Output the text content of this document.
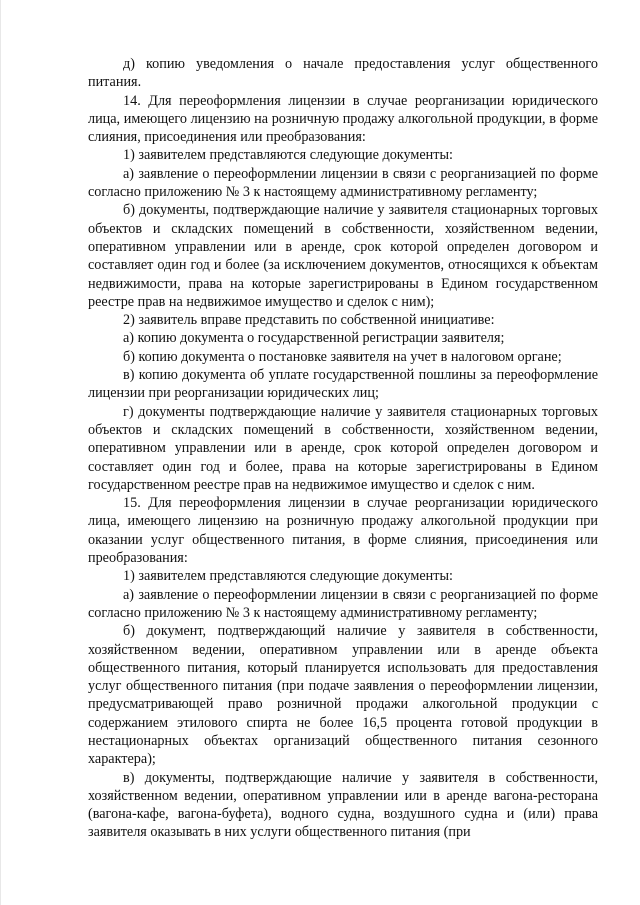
д) копию уведомления о начале предоставления услуг общественного питания.

14. Для переоформления лицензии в случае реорганизации юридического лица, имеющего лицензию на розничную продажу алкогольной продукции, в форме слияния, присоединения или преобразования:

1) заявителем представляются следующие документы:

а) заявление о переоформлении лицензии в связи с реорганизацией по форме согласно приложению № 3 к настоящему административному регламенту;

б) документы, подтверждающие наличие у заявителя стационарных торговых объектов и складских помещений в собственности, хозяйственном ведении, оперативном управлении или в аренде, срок которой определен договором и составляет один год и более (за исключением документов, относящихся к объектам недвижимости, права на которые зарегистрированы в Едином государственном реестре прав на недвижимое имущество и сделок с ним);

2) заявитель вправе представить по собственной инициативе:

а) копию документа о государственной регистрации заявителя;

б) копию документа о постановке заявителя на учет в налоговом органе;

в) копию документа об уплате государственной пошлины за переоформление лицензии при реорганизации юридических лиц;

г) документы подтверждающие наличие у заявителя стационарных торговых объектов и складских помещений в собственности, хозяйственном ведении, оперативном управлении или в аренде, срок которой определен договором и составляет один год и более, права на которые зарегистрированы в Едином государственном реестре прав на недвижимое имущество и сделок с ним.

15. Для переоформления лицензии в случае реорганизации юридического лица, имеющего лицензию на розничную продажу алкогольной продукции при оказании услуг общественного питания, в форме слияния, присоединения или преобразования:

1) заявителем представляются следующие документы:

а) заявление о переоформлении лицензии в связи с реорганизацией по форме согласно приложению № 3 к настоящему административному регламенту;

б) документ, подтверждающий наличие у заявителя в собственности, хозяйственном ведении, оперативном управлении или в аренде объекта общественного питания, который планируется использовать для предоставления услуг общественного питания (при подаче заявления о переоформлении лицензии, предусматривающей право розничной продажи алкогольной продукции с содержанием этилового спирта не более 16,5 процента готовой продукции в нестационарных объектах организаций общественного питания сезонного характера);

в) документы, подтверждающие наличие у заявителя в собственности, хозяйственном ведении, оперативном управлении или в аренде вагона-ресторана (вагона-кафе, вагона-буфета), водного судна, воздушного судна и (или) права заявителя оказывать в них услуги общественного питания (при
